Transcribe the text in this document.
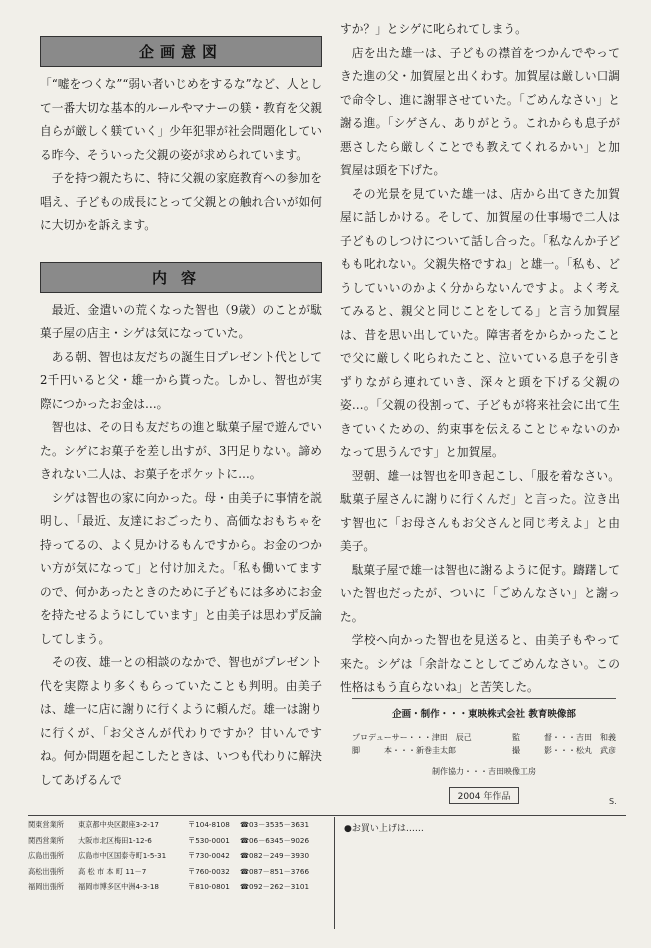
企画意図

「“嘘をつくな”“弱い者いじめをするな”など、人として一番大切な基本的ルールやマナーの躾・教育を父親自らが厳しく躾ていく」少年犯罪が社会問題化している昨今、そういった父親の姿が求められています。

子を持つ親たちに、特に父親の家庭教育への参加を唱え、子どもの成長にとって父親との触れ合いが如何に大切かを訴えます。

内容

最近、金遣いの荒くなった智也（9歳）のことが駄菓子屋の店主・シゲは気になっていた。

ある朝、智也は友だちの誕生日プレゼント代として2千円いると父・雄一から貰った。しかし、智也が実際につかったお金は…。

智也は、その日も友だちの進と駄菓子屋で遊んでいた。シゲにお菓子を差し出すが、3円足りない。諦めきれない二人は、お菓子をポケットに…。

シゲは智也の家に向かった。母・由美子に事情を説明し、「最近、友達におごったり、高価なおもちゃを持ってるの、よく見かけるもんですから。お金のつかい方が気になって」と付け加えた。「私も働いてますので、何かあったときのために子どもには多めにお金を持たせるようにしています」と由美子は思わず反論してしまう。

その夜、雄一との相談のなかで、智也がプレゼント代を実際より多くもらっていたことも判明。由美子は、雄一に店に謝りに行くように頼んだ。雄一は謝りに行くが、「お父さんが代わりですか？甘いんですね。何か問題を起こしたときは、いつも代わりに解決してあげるんで

すか？」とシゲに叱られてしまう。

店を出た雄一は、子どもの襟首をつかんでやってきた進の父・加賀屋と出くわす。加賀屋は厳しい口調で命令し、進に謝罪させていた。「ごめんなさい」と謝る進。「シゲさん、ありがとう。これからも息子が悪さしたら厳しくことでも教えてくれるかい」と加賀屋は頭を下げた。

その光景を見ていた雄一は、店から出てきた加賀屋に話しかける。そして、加賀屋の仕事場で二人は子どものしつけについて話し合った。「私なんか子どもも叱れない。父親失格ですね」と雄一。「私も、どうしていいのかよく分からないんですよ。よく考えてみると、親父と同じことをしてる」と言う加賀屋は、昔を思い出していた。障害者をからかったことで父に厳しく叱られたこと、泣いている息子を引きずりながら連れていき、深々と頭を下げる父親の姿…。「父親の役割って、子どもが将来社会に出て生きていくための、約束事を伝えることじゃないのかなって思うんです」と加賀屋。

翌朝、雄一は智也を叩き起こし、「服を着なさい。駄菓子屋さんに謝りに行くんだ」と言った。泣き出す智也に「お母さんもお父さんと同じ考えよ」と由美子。

駄菓子屋で雄一は智也に謝るように促す。躊躇していた智也だったが、ついに「ごめんなさい」と謝った。

学校へ向かった智也を見送ると、由美子もやって来た。シゲは「余計なことしてごめんなさい。この性格はもう直らないね」と苦笑した。

企画・制作・・・東映株式会社 教育映像部
プロデューサー・・・津田　辰己	監　　　督・・・吉田　和義
脚　　　本・・・新巻圭太郎	撮　　　影・・・松丸　武彦
制作協力・・・吉田映像工房
2004 年作品	S.
関東営業所	東京都中央区銀座3-2-17	〒104-8108	☎03－3535－3631
関西営業所	大阪市北区梅田1-12-6	〒530-0001	☎06－6345－9026
広島出張所	広島市中区国泰寺町1-5-31	〒730-0042	☎082－249－3930
高松出張所	高 松 市 本 町 11－7	〒760-0032	☎087－851－3766
福岡出張所	福岡市博多区中洲4-3-18	〒810-0801	☎092－262－3101
●お買い上げは……
